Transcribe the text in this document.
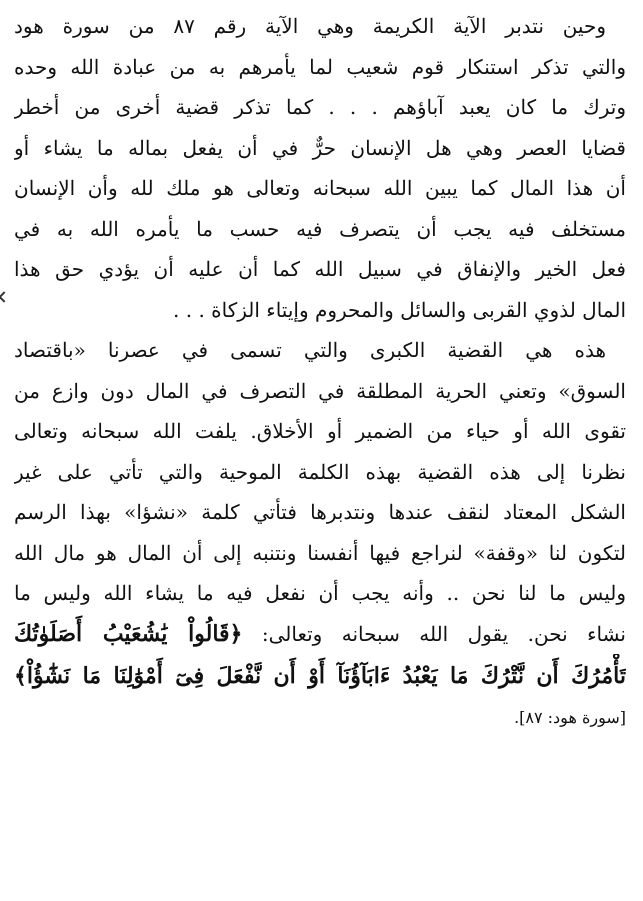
وحين نتدبر الآية الكريمة وهي الآية رقم ٨٧ من سورة هود
والتي تذكر استنكار قوم شعيب لما يأمرهم به من عبادة الله وحده
وترك ما كان يعبد آباؤهم . . . كما تذكر قضية أخرى من أخطر
قضايا العصر وهي هل الإنسان حرٌّ في أن يفعل بماله ما يشاء أو
أن هذا المال كما يبين الله سبحانه وتعالى هو ملك لله وأن الإنسان
مستخلف فيه يجب أن يتصرف فيه حسب ما يأمره الله به في
فعل الخير والإنفاق في سبيل الله كما أن عليه أن يؤدي حق هذا
المال لذوي القربى والسائل والمحروم وإيتاء الزكاة . . .
هذه هي القضية الكبرى والتي تسمى في عصرنا «باقتصاد
السوق» وتعني الحرية المطلقة في التصرف في المال دون وازع من
تقوى الله أو حياء من الضمير أو الأخلاق. يلفت الله سبحانه وتعالى
نظرنا إلى هذه القضية بهذه الكلمة الموحية والتي تأتي على غير
الشكل المعتاد لنقف عندها ونتدبرها فتأتي كلمة «نشؤا» بهذا الرسم
لتكون لنا «وقفة» لنراجع فيها أنفسنا ونتنبه إلى أن المال هو مال الله
وليس ما لنا نحن .. وأنه يجب أن نفعل فيه ما يشاء الله وليس ما
نشاء نحن. يقول الله سبحانه وتعالى: ﴿قَالُواْ يَٰشُعَيْبُ أَصَلَوٰتُكَ
تَأْمُرُكَ أَن نَّتْرُكَ مَا يَعْبُدُ ءَابَآؤُنَآ أَوْ أَن نَّفْعَلَ فِىٓ أَمْوَٰلِنَا مَا نَشَٰٓؤُاْ﴾
[سورة هود: ٨٧].
